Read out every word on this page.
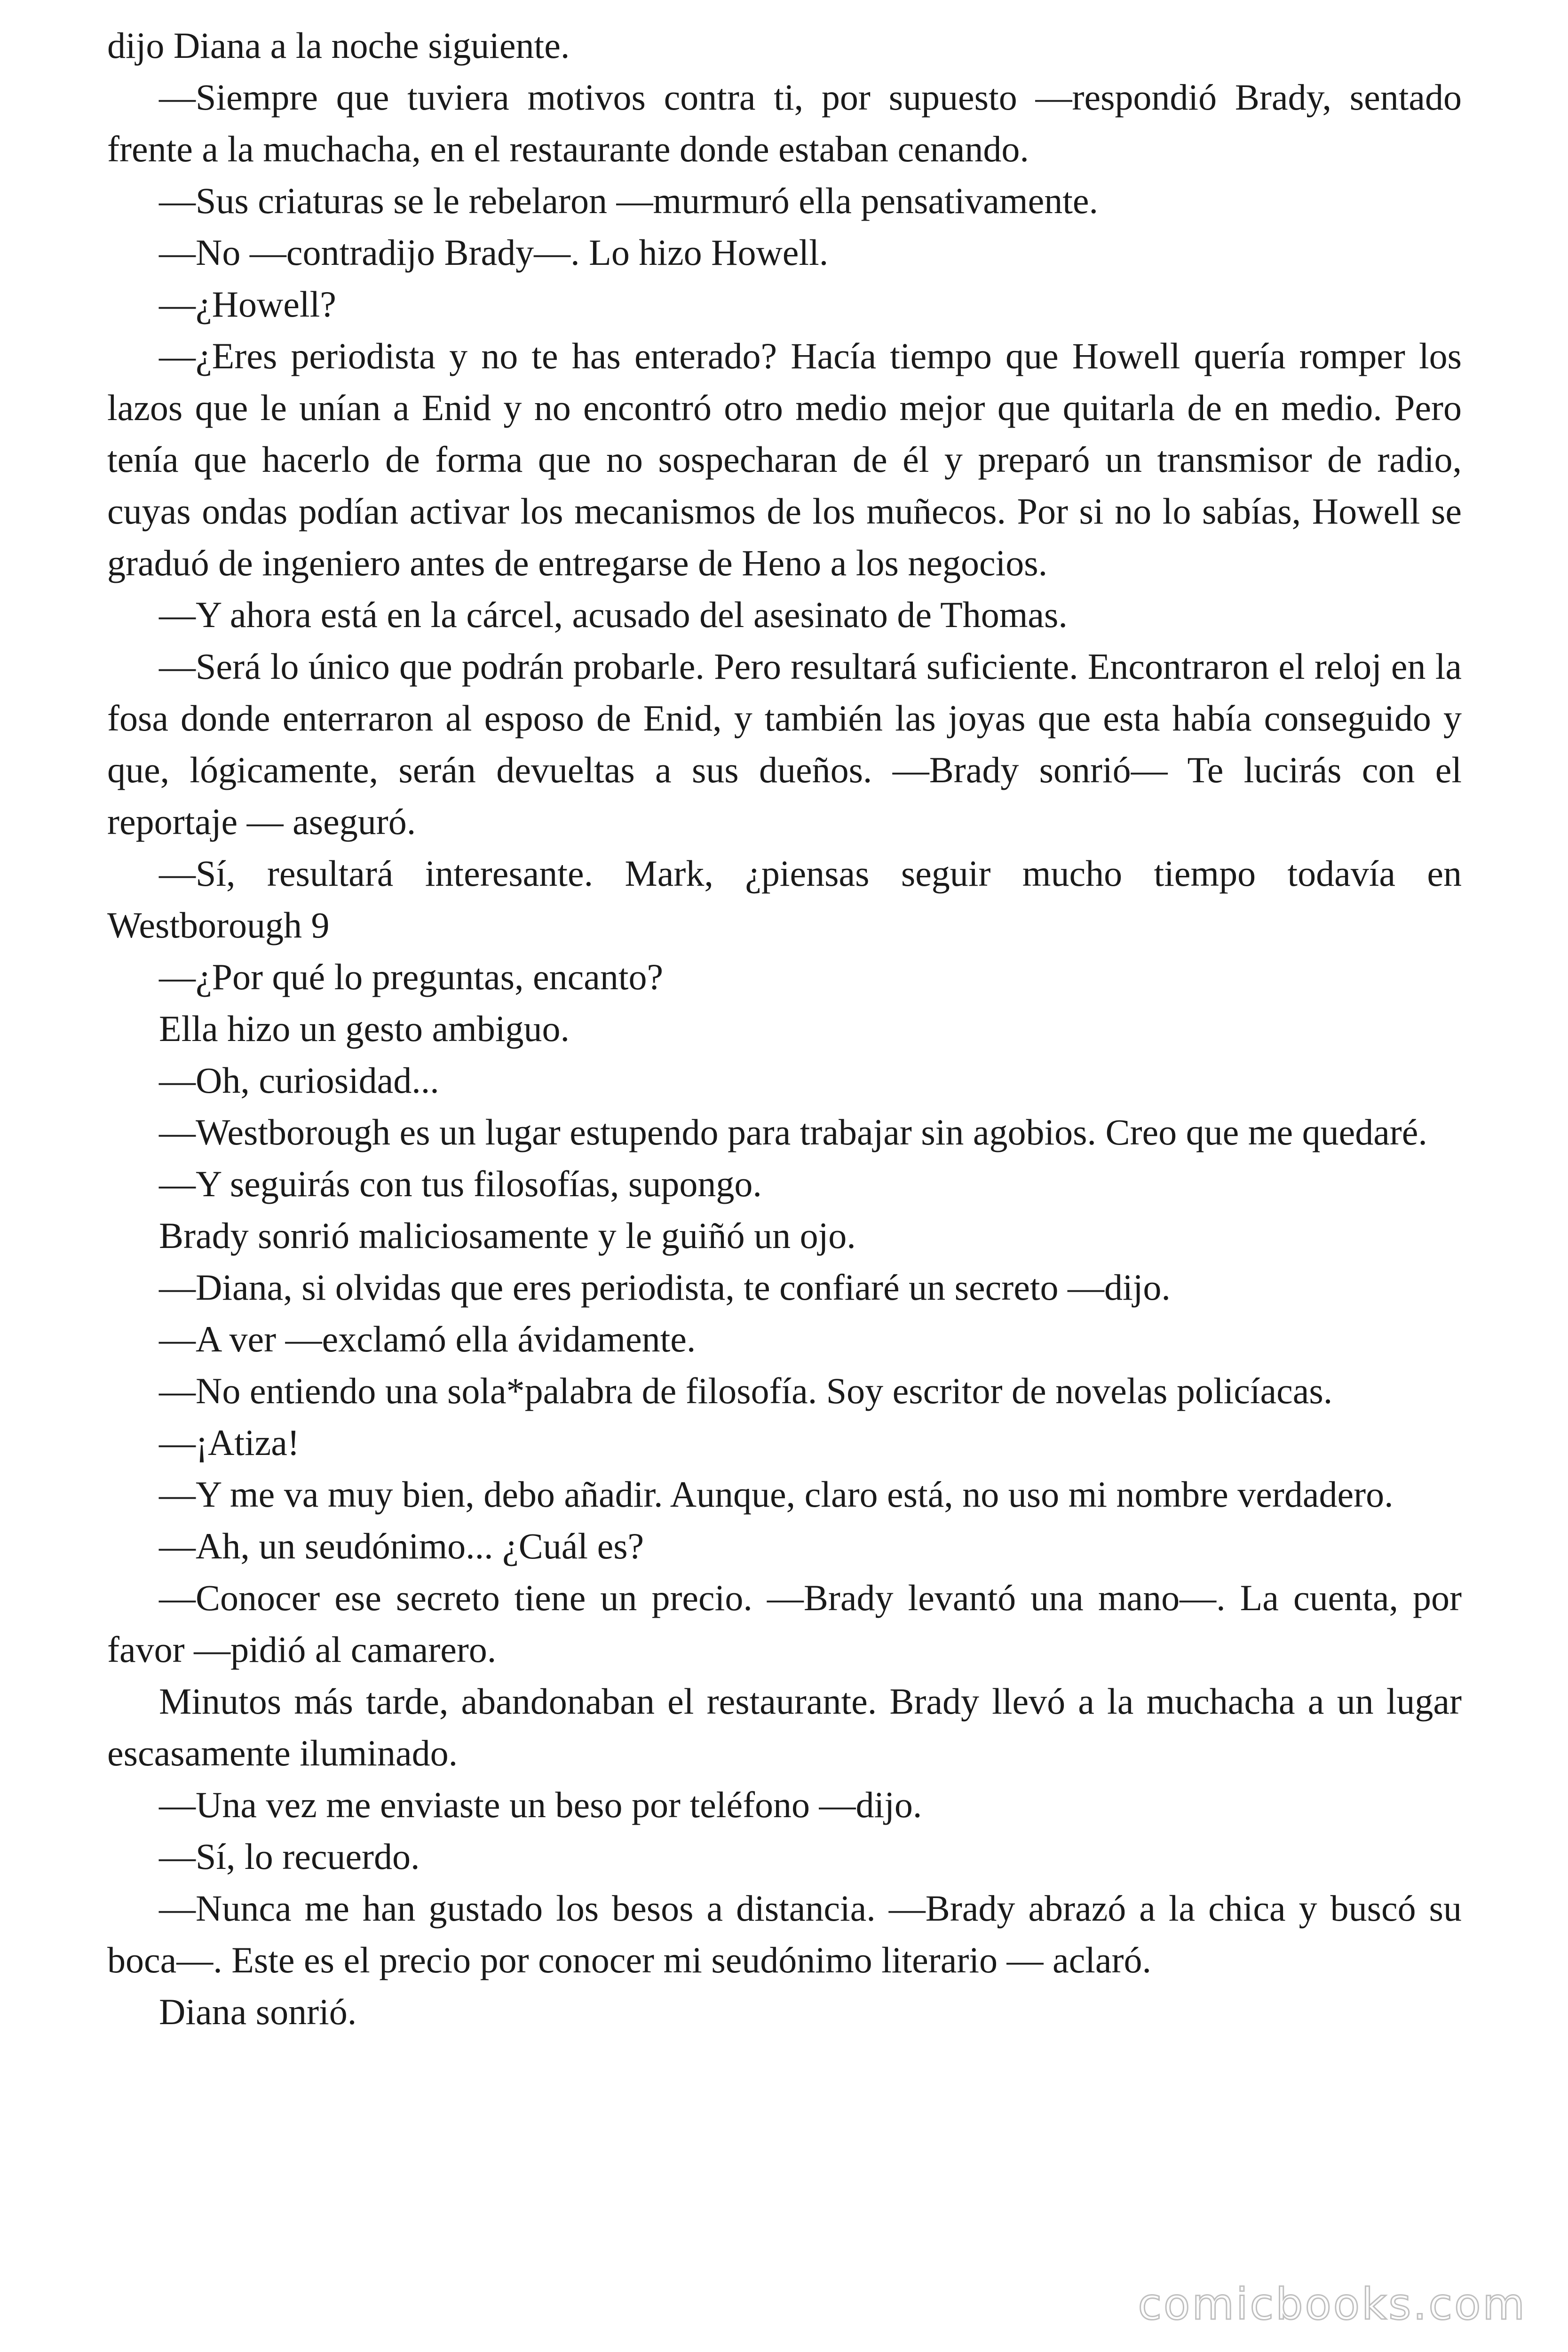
dijo Diana a la noche siguiente.

—Siempre que tuviera motivos contra ti, por supuesto —respondió Brady, sentado frente a la muchacha, en el restaurante donde estaban cenando.

—Sus criaturas se le rebelaron —murmuró ella pensativamente.

—No —contradijo Brady—. Lo hizo Howell.

—¿Howell?

—¿Eres periodista y no te has enterado? Hacía tiempo que Howell quería romper los lazos que le unían a Enid y no encontró otro medio mejor que quitarla de en medio. Pero tenía que hacerlo de forma que no sospecharan de él y preparó un transmisor de radio, cuyas ondas podían activar los mecanismos de los muñecos. Por si no lo sabías, Howell se graduó de ingeniero antes de entregarse de Heno a los negocios.

—Y ahora está en la cárcel, acusado del asesinato de Thomas.

—Será lo único que podrán probarle. Pero resultará suficiente. Encontraron el reloj en la fosa donde enterraron al esposo de Enid, y también las joyas que esta había conseguido y que, lógicamente, serán devueltas a sus dueños. —Brady sonrió— Te lucirás con el reportaje — aseguró.

—Sí, resultará interesante. Mark, ¿piensas seguir mucho tiempo todavía en Westborough 9

—¿Por qué lo preguntas, encanto?

Ella hizo un gesto ambiguo.

—Oh, curiosidad...

—Westborough es un lugar estupendo para trabajar sin agobios. Creo que me quedaré.

—Y seguirás con tus filosofías, supongo.

Brady sonrió maliciosamente y le guiñó un ojo.

—Diana, si olvidas que eres periodista, te confiaré un secreto —dijo.

—A ver —exclamó ella ávidamente.

—No entiendo una sola*palabra de filosofía. Soy escritor de novelas policíacas.

—¡Atiza!

—Y me va muy bien, debo añadir. Aunque, claro está, no uso mi nombre verdadero.

—Ah, un seudónimo... ¿Cuál es?

—Conocer ese secreto tiene un precio. —Brady levantó una mano—. La cuenta, por favor —pidió al camarero.

Minutos más tarde, abandonaban el restaurante. Brady llevó a la muchacha a un lugar escasamente iluminado.

—Una vez me enviaste un beso por teléfono —dijo.

—Sí, lo recuerdo.

—Nunca me han gustado los besos a distancia. —Brady abrazó a la chica y buscó su boca—. Este es el precio por conocer mi seudónimo literario — aclaró.

Diana sonrió.

comicbooks.com
